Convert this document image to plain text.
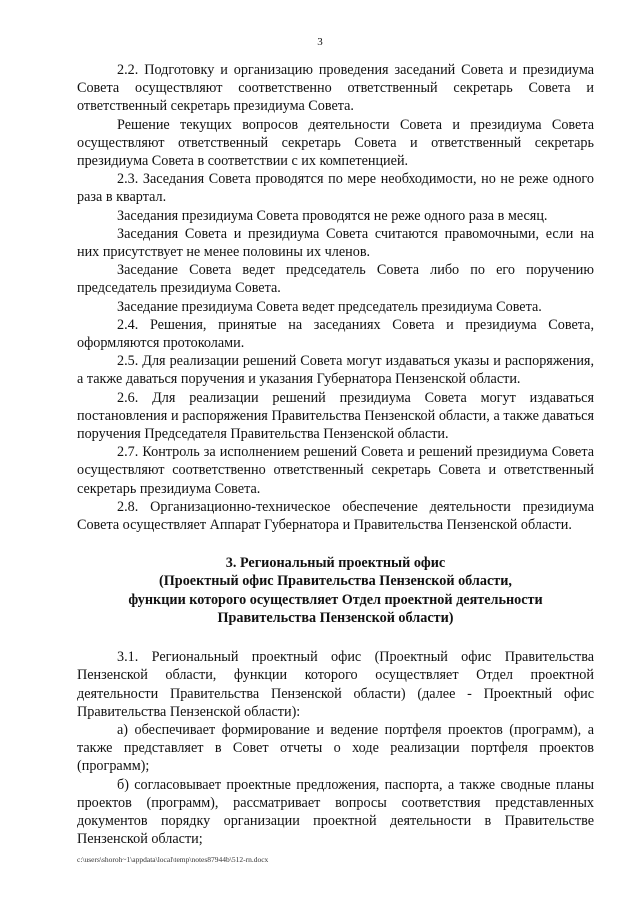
3

2.2. Подготовку и организацию проведения заседаний Совета и президиума Совета осуществляют соответственно ответственный секретарь Совета и ответственный секретарь президиума Совета.

Решение текущих вопросов деятельности Совета и президиума Совета осуществляют ответственный секретарь Совета и ответственный секретарь президиума Совета в соответствии с их компетенцией.

2.3. Заседания Совета проводятся по мере необходимости, но не реже одного раза в квартал.

Заседания президиума Совета проводятся не реже одного раза в месяц.

Заседания Совета и президиума Совета считаются правомочными, если на них присутствует не менее половины их членов.

Заседание Совета ведет председатель Совета либо по его поручению председатель президиума Совета.

Заседание президиума Совета ведет председатель президиума Совета.

2.4. Решения, принятые на заседаниях Совета и президиума Совета, оформляются протоколами.

2.5. Для реализации решений Совета могут издаваться указы и распоряжения, а также даваться поручения и указания Губернатора Пензенской области.

2.6. Для реализации решений президиума Совета могут издаваться постановления и распоряжения Правительства Пензенской области, а также даваться поручения Председателя Правительства Пензенской области.

2.7. Контроль за исполнением решений Совета и решений президиума Совета осуществляют соответственно ответственный секретарь Совета и ответственный секретарь президиума Совета.

2.8. Организационно-техническое обеспечение деятельности президиума Совета осуществляет Аппарат Губернатора и Правительства Пензенской области.

3. Региональный проектный офис
(Проектный офис Правительства Пензенской области,
функции которого осуществляет Отдел проектной деятельности
Правительства Пензенской области)

3.1. Региональный проектный офис (Проектный офис Правительства Пензенской области, функции которого осуществляет Отдел проектной деятельности Правительства Пензенской области) (далее - Проектный офис Правительства Пензенской области):

а) обеспечивает формирование и ведение портфеля проектов (программ), а также представляет в Совет отчеты о ходе реализации портфеля проектов (программ);

б) согласовывает проектные предложения, паспорта, а также сводные планы проектов (программ), рассматривает вопросы соответствия представленных документов порядку организации проектной деятельности в Правительстве Пензенской области;

c:\users\shoroh~1\appdata\local\temp\notes87944b\512-rn.docx
